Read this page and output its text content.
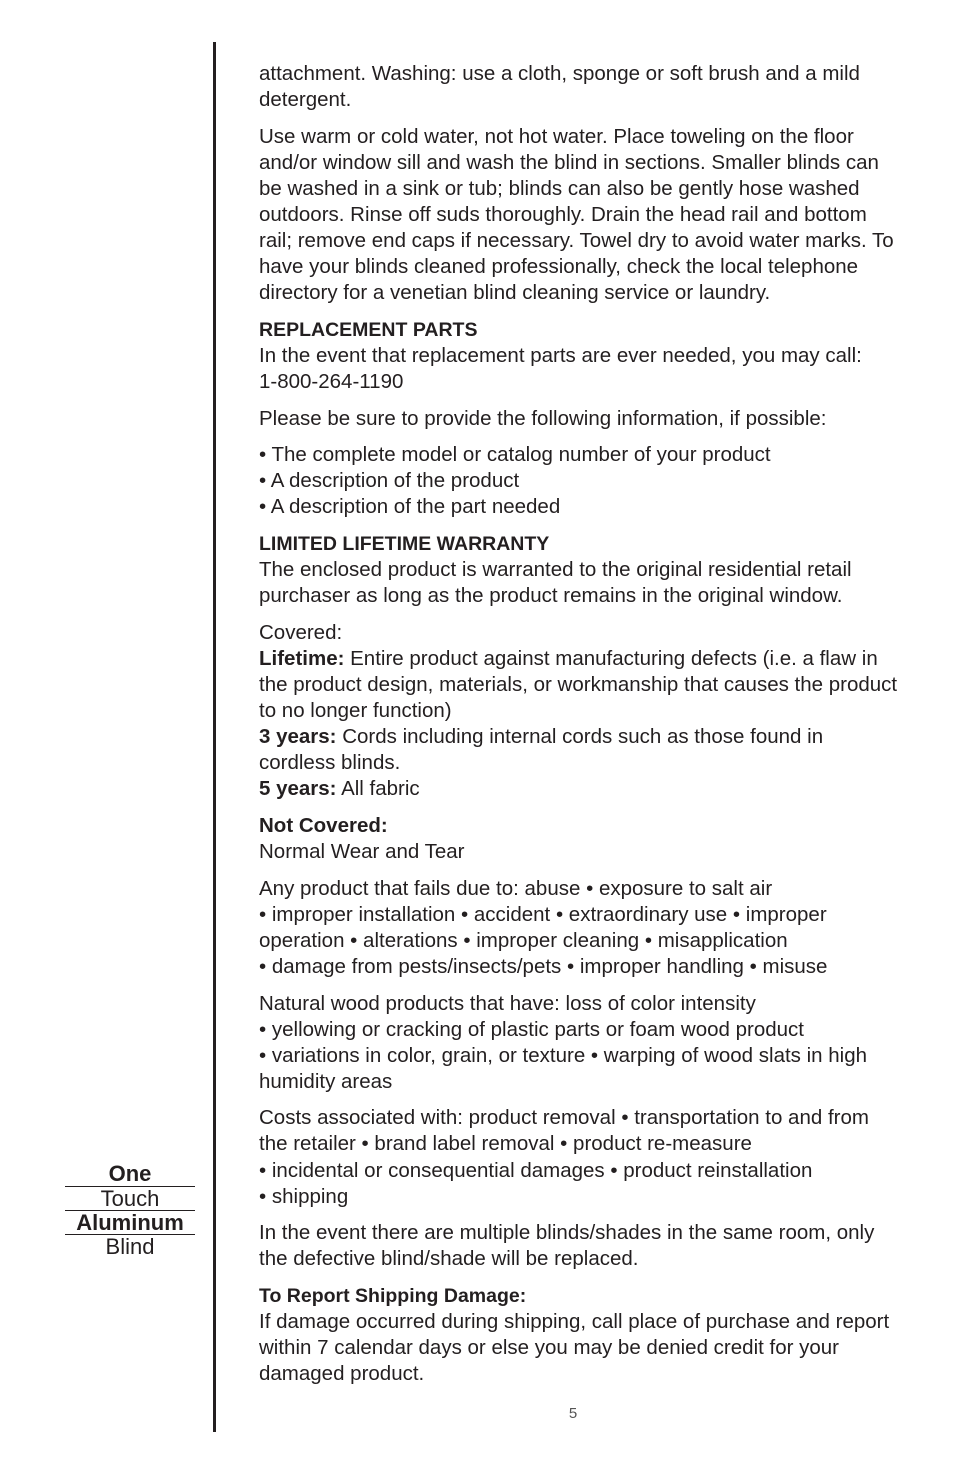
attachment. Washing: use a cloth, sponge or soft brush and a mild detergent.

Use warm or cold water, not hot water. Place toweling on the floor and/or window sill and wash the blind in sections. Smaller blinds can be washed in a sink or tub; blinds can also be gently hose washed outdoors. Rinse off suds thoroughly. Drain the head rail and bottom rail; remove end caps if necessary. Towel dry to avoid water marks. To have your blinds cleaned professionally, check the local telephone directory for a venetian blind cleaning service or laundry.

REPLACEMENT PARTS
In the event that replacement parts are ever needed, you may call:

1-800-264-1190

Please be sure to provide the following information, if possible:

• The complete model or catalog number of your product
• A description of the product
• A description of the part needed

LIMITED LIFETIME WARRANTY

The enclosed product is warranted to the original residential retail purchaser as long as the product remains in the original window.

Covered:
Lifetime: Entire product against manufacturing defects (i.e. a flaw in the product design, materials, or workmanship that causes the product to no longer function)
3 years: Cords including internal cords such as those found in cordless blinds.
5 years: All fabric

Not Covered:
Normal Wear and Tear

Any product that fails due to: abuse • exposure to salt air
• improper installation • accident • extraordinary use • improper operation • alterations • improper cleaning • misapplication
• damage from pests/insects/pets • improper handling • misuse

Natural wood products that have: loss of color intensity
• yellowing or cracking of plastic parts or foam wood product
• variations in color, grain, or texture • warping of wood slats in high humidity areas

Costs associated with: product removal • transportation to and from the retailer • brand label removal • product re-measure
• incidental or consequential damages • product reinstallation
• shipping

In the event there are multiple blinds/shades in the same room, only the defective blind/shade will be replaced.

To Report Shipping Damage:
If damage occurred during shipping, call place of purchase and report within 7 calendar days or else you may be denied credit for your damaged product.
One
Touch
Aluminum
Blind
5
